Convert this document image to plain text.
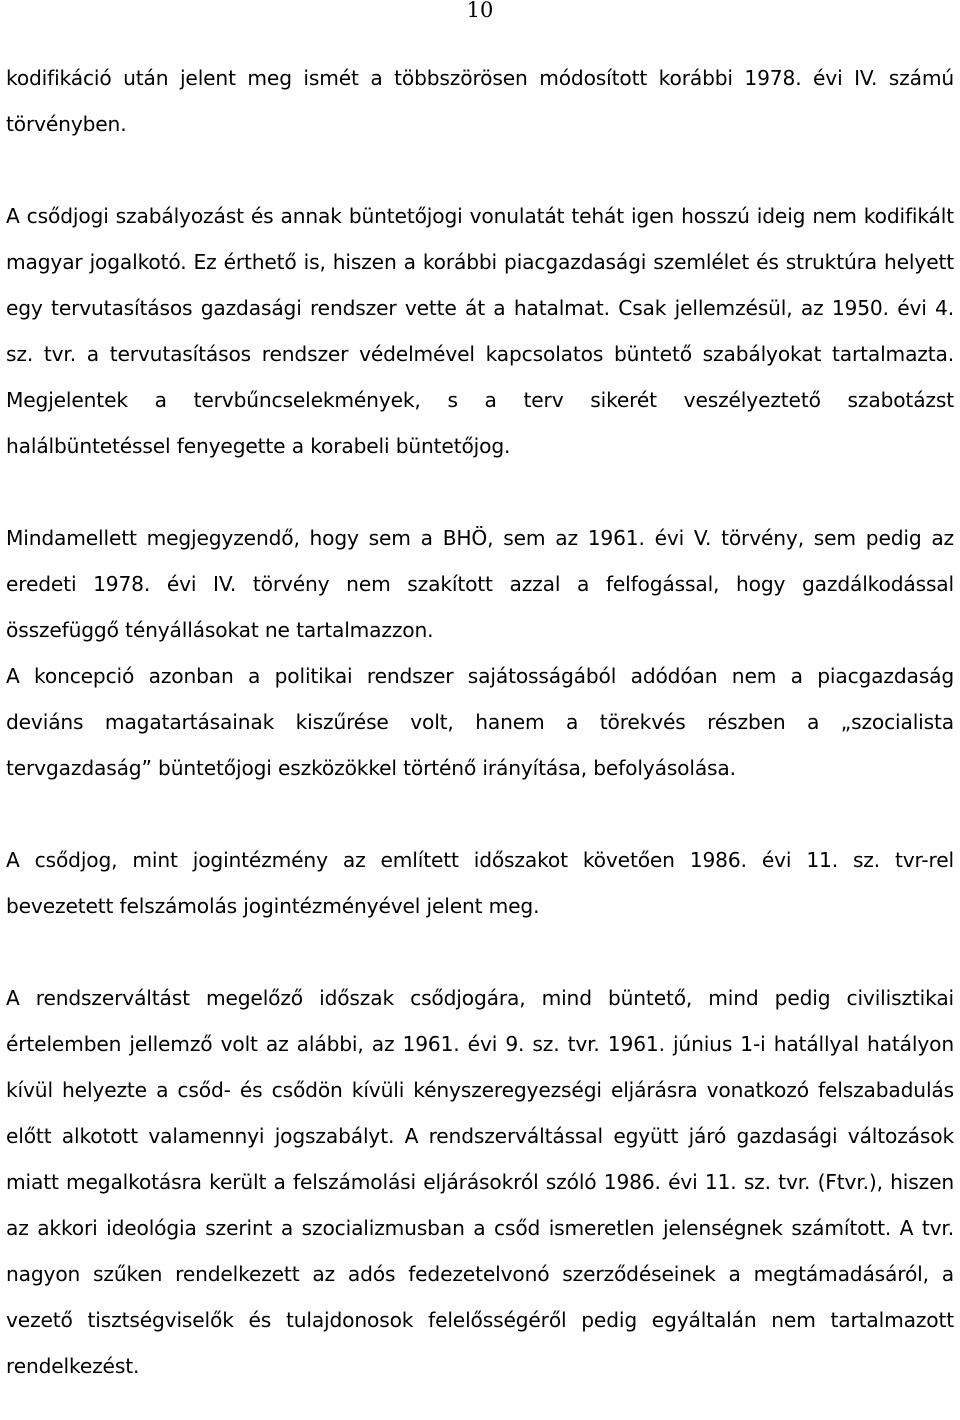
10

kodifikáció után jelent meg ismét a többszörösen módosított korábbi 1978. évi IV. számú törvényben.

A csődjogi szabályozást és annak büntetőjogi vonulatát tehát igen hosszú ideig nem kodifikált magyar jogalkotó. Ez érthető is, hiszen a korábbi piacgazdasági szemlélet és struktúra helyett egy tervutasításos gazdasági rendszer vette át a hatalmat. Csak jellemzésül, az 1950. évi 4. sz. tvr. a tervutasításos rendszer védelmével kapcsolatos büntető szabályokat tartalmazta. Megjelentek a tervbűncselekmények, s a terv sikerét veszélyeztető szabotázst halálbüntetéssel fenyegette a korabeli büntetőjog.

Mindamellett megjegyzendő, hogy sem a BHÖ, sem az 1961. évi V. törvény, sem pedig az eredeti 1978. évi IV. törvény nem szakított azzal a felfogással, hogy gazdálkodással összefüggő tényállásokat ne tartalmazzon.

A koncepció azonban a politikai rendszer sajátosságából adódóan nem a piacgazdaság deviáns magatartásainak kiszűrése volt, hanem a törekvés részben a „szocialista tervgazdaság” büntetőjogi eszközökkel történő irányítása, befolyásolása.

A csődjog, mint jogintézmény az említett időszakot követően 1986. évi 11. sz. tvr-rel bevezetett felszámolás jogintézményével jelent meg.

A rendszerváltást megelőző időszak csődjogára, mind büntető, mind pedig civilisztikai értelemben jellemző volt az alábbi, az 1961. évi 9. sz. tvr. 1961. június 1-i hatállyal hatályon kívül helyezte a csőd- és csődön kívüli kényszeregyezségi eljárásra vonatkozó felszabadulás előtt alkotott valamennyi jogszabályt. A rendszerváltással együtt járó gazdasági változások miatt megalkotásra került a felszámolási eljárásokról szóló 1986. évi 11. sz. tvr. (Ftvr.), hiszen az akkori ideológia szerint a szocializmusban a csőd ismeretlen jelenségnek számított. A tvr. nagyon szűken rendelkezett az adós fedezetelvonó szerződéseinek a megtámadásáról, a vezető tisztségviselők és tulajdonosok felelősségéről pedig egyáltalán nem tartalmazott rendelkezést.
